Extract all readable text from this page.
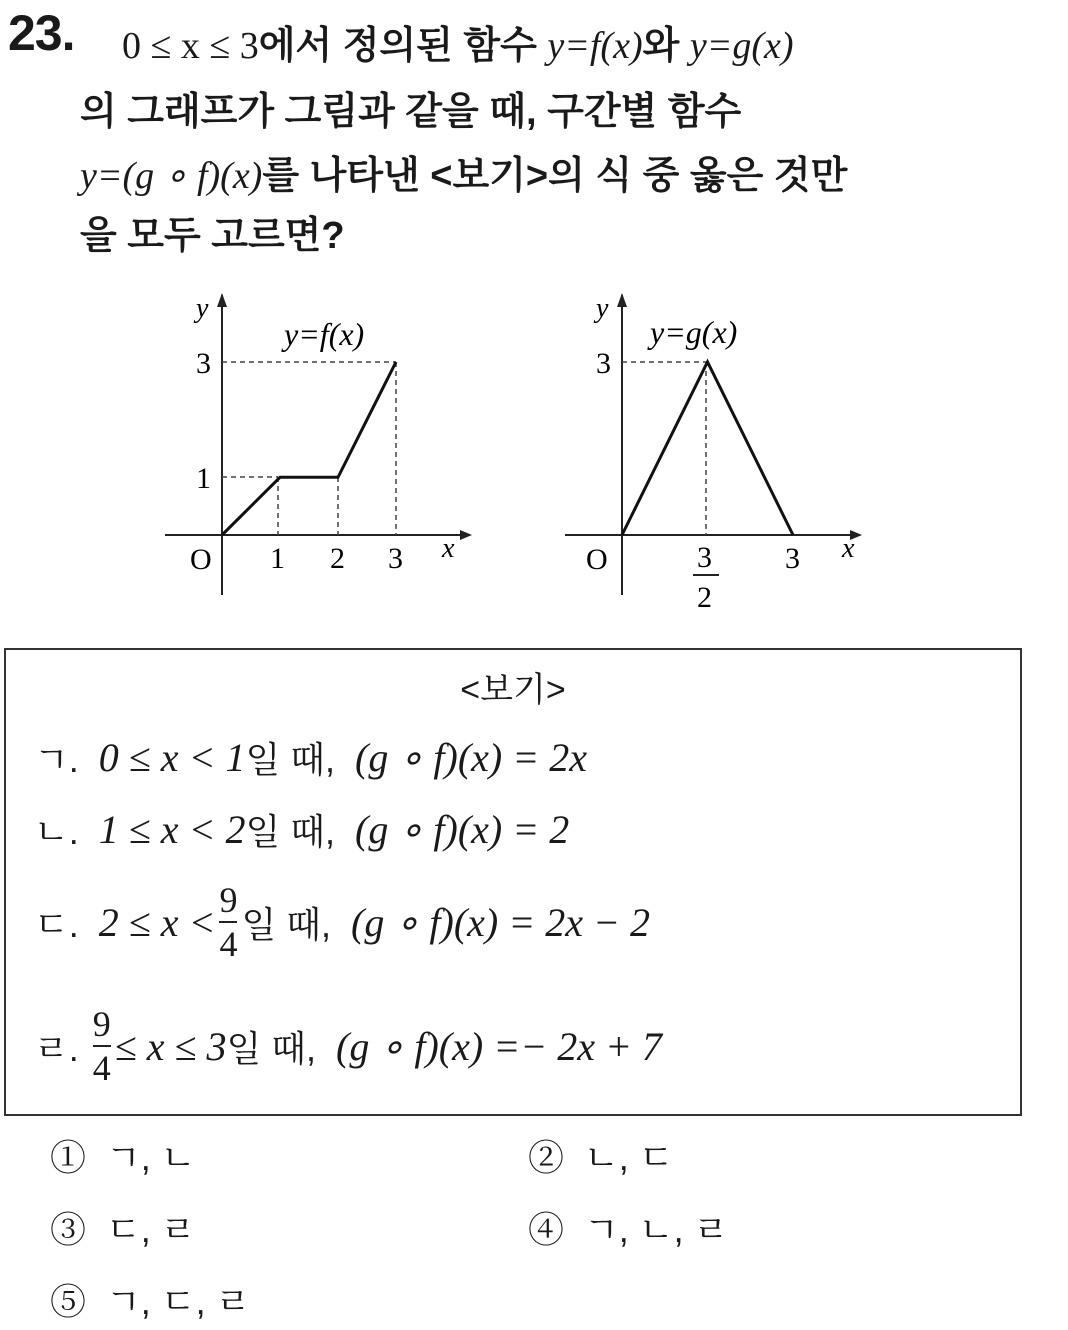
23. 0 ≤ x ≤ 3에서 정의된 함수 y=f(x)와 y=g(x)
의 그래프가 그림과 같을 때, 구간별 함수
y=(g ∘ f)(x)를 나타낸 <보기>의 식 중 옳은 것만
을 모두 고르면?
y
x
O
y=f(x)
3
1
1 2 3
y
x
O
y=g(x)
3
3
2
3
<보기>
ㄱ.
0 ≤ x < 1 일 때,
(g ∘ f)(x) = 2x
ㄴ.
1 ≤ x < 2 일 때,
(g ∘ f)(x) = 2
ㄷ.
$2 \le x < \frac{9}{4}$ 일 때,
(g ∘ f)(x) = 2x − 2
ㄹ.
$\frac{9}{4} \le x \le 3$ 일 때,
(g ∘ f)(x) =− 2x + 7
① ㄱ, ㄴ	② ㄴ, ㄷ
③ ㄷ, ㄹ	④ ㄱ, ㄴ, ㄹ
⑤ ㄱ, ㄷ, ㄹ
